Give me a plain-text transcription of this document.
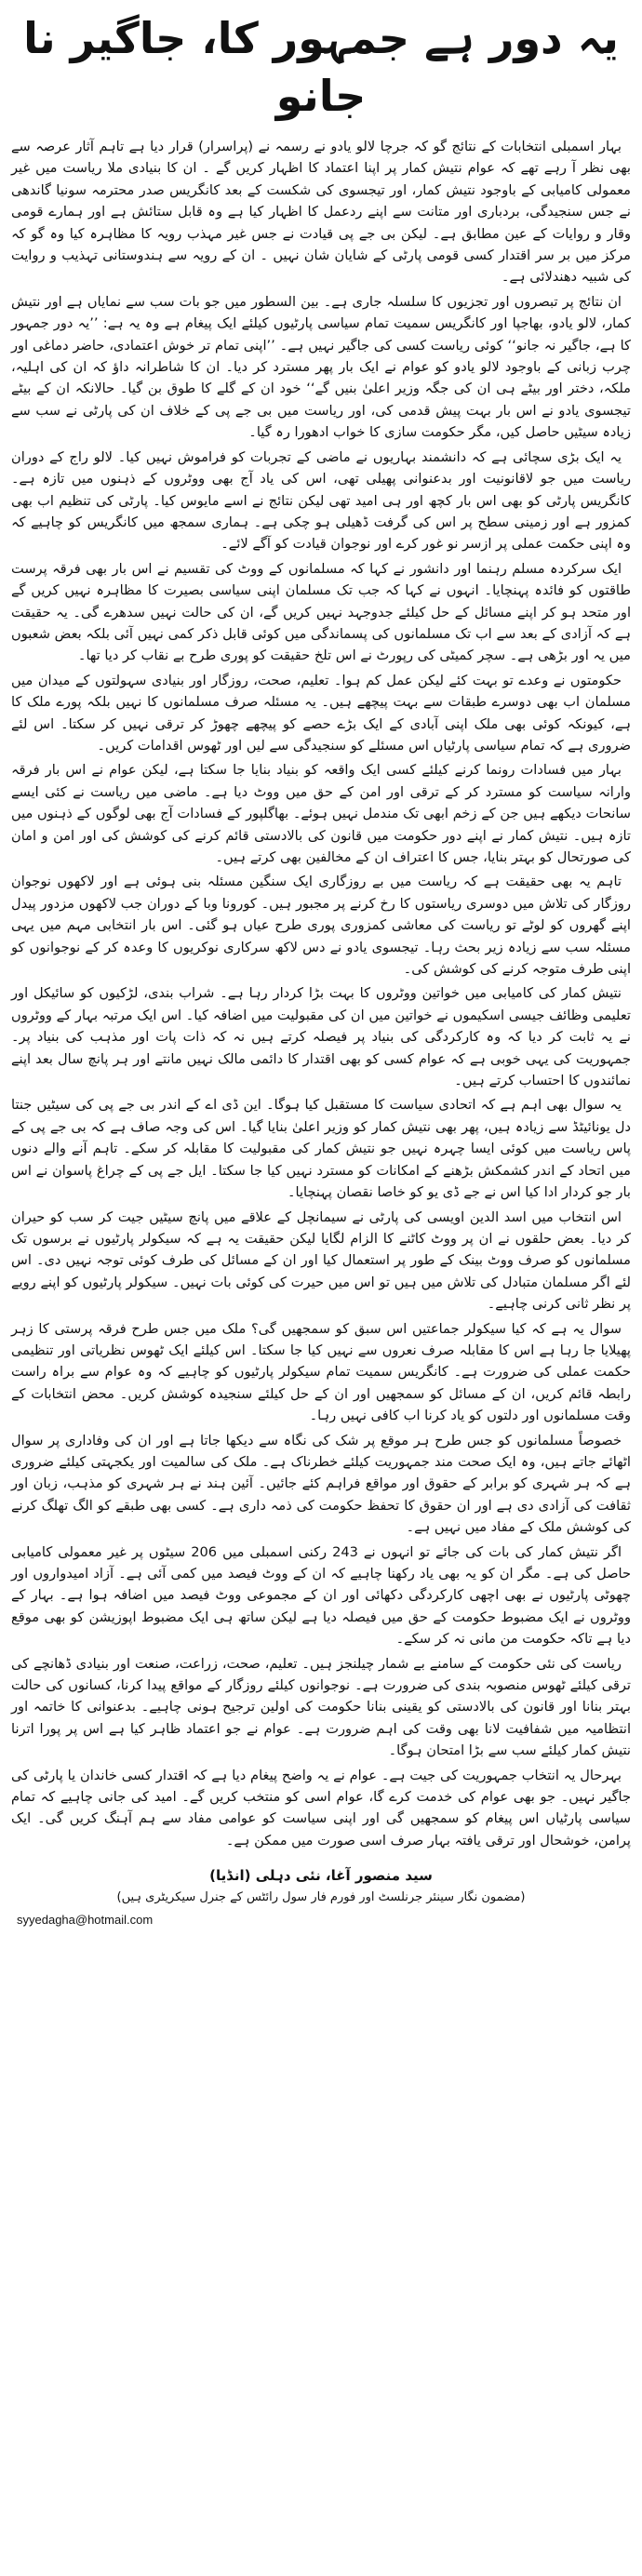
یہ دور ہے جمہور کا، جاگیر نا جانو

بہار اسمبلی انتخابات کے نتائج گو کہ جرچا لالو یادو نے رسمہ نے (پراسرار) قرار دیا ہے تاہم آثار عرصہ سے بھی نظر آ رہے تھے کہ عوام نتیش کمار پر اپنا اعتماد کا اظہار کریں گے ۔ ان کا بنیادی ملا ریاست میں غیر معمولی کامیابی کے باوجود نتیش کمار، اور تیجسوی کی شکست کے بعد کانگریس صدر محترمہ سونیا گاندھی نے جس سنجیدگی، بردباری اور متانت سے اپنے ردعمل کا اظہار کیا ہے وہ قابل ستائش ہے اور ہمارے قومی وقار و روایات کے عین مطابق ہے۔ لیکن بی جے پی قیادت نے جس غیر مہذب رویہ کا مظاہرہ کیا وہ گو کہ مرکز میں بر سر اقتدار کسی قومی پارٹی کے شایان شان نہیں ۔ ان کے رویہ سے ہندوستانی تہذیب و روایت کی شبیہ دھندلائی ہے۔

ان نتائج پر تبصروں اور تجزیوں کا سلسلہ جاری ہے۔ بین السطور میں جو بات سب سے نمایاں ہے اور نتیش کمار، لالو یادو، بھاجپا اور کانگریس سمیت تمام سیاسی پارٹیوں کیلئے ایک پیغام ہے وہ یہ ہے: ’’یہ دور جمہور کا ہے، جاگیر نہ جانو‘‘ کوئی ریاست کسی کی جاگیر نہیں ہے۔ ’’اپنی تمام تر خوش اعتمادی، حاضر دماغی اور چرب زبانی کے باوجود لالو یادو کو عوام نے ایک بار پھر مسترد کر دیا۔ ان کا شاطرانہ داؤ کہ ان کی اہلیہ، ملکہ، دختر اور بیٹے ہی ان کی جگہ وزیر اعلیٰ بنیں گے‘‘ خود ان کے گلے کا طوق بن گیا۔ حالانکہ ان کے بیٹے تیجسوی یادو نے اس بار بہت پیش قدمی کی، اور ریاست میں بی جے پی کے خلاف ان کی پارٹی نے سب سے زیادہ سیٹیں حاصل کیں، مگر حکومت سازی کا خواب ادھورا رہ گیا۔

یہ ایک بڑی سچائی ہے کہ دانشمند بہاریوں نے ماضی کے تجربات کو فراموش نہیں کیا۔ لالو راج کے دوران ریاست میں جو لاقانونیت اور بدعنوانی پھیلی تھی، اس کی یاد آج بھی ووٹروں کے ذہنوں میں تازہ ہے۔ کانگریس پارٹی کو بھی اس بار کچھ اور ہی امید تھی لیکن نتائج نے اسے مایوس کیا۔ پارٹی کی تنظیم اب بھی کمزور ہے اور زمینی سطح پر اس کی گرفت ڈھیلی ہو چکی ہے۔ ہماری سمجھ میں کانگریس کو چاہیے کہ وہ اپنی حکمت عملی پر ازسر نو غور کرے اور نوجوان قیادت کو آگے لائے۔

ایک سرکردہ مسلم رہنما اور دانشور نے کہا کہ مسلمانوں کے ووٹ کی تقسیم نے اس بار بھی فرقہ پرست طاقتوں کو فائدہ پہنچایا۔ انہوں نے کہا کہ جب تک مسلمان اپنی سیاسی بصیرت کا مظاہرہ نہیں کریں گے اور متحد ہو کر اپنے مسائل کے حل کیلئے جدوجہد نہیں کریں گے، ان کی حالت نہیں سدھرے گی۔ یہ حقیقت ہے کہ آزادی کے بعد سے اب تک مسلمانوں کی پسماندگی میں کوئی قابل ذکر کمی نہیں آئی بلکہ بعض شعبوں میں یہ اور بڑھی ہے۔ سچر کمیٹی کی رپورٹ نے اس تلخ حقیقت کو پوری طرح بے نقاب کر دیا تھا۔

حکومتوں نے وعدے تو بہت کئے لیکن عمل کم ہوا۔ تعلیم، صحت، روزگار اور بنیادی سہولتوں کے میدان میں مسلمان اب بھی دوسرے طبقات سے بہت پیچھے ہیں۔ یہ مسئلہ صرف مسلمانوں کا نہیں بلکہ پورے ملک کا ہے، کیونکہ کوئی بھی ملک اپنی آبادی کے ایک بڑے حصے کو پیچھے چھوڑ کر ترقی نہیں کر سکتا۔ اس لئے ضروری ہے کہ تمام سیاسی پارٹیاں اس مسئلے کو سنجیدگی سے لیں اور ٹھوس اقدامات کریں۔

بہار میں فسادات رونما کرنے کیلئے کسی ایک واقعہ کو بنیاد بنایا جا سکتا ہے، لیکن عوام نے اس بار فرقہ وارانہ سیاست کو مسترد کر کے ترقی اور امن کے حق میں ووٹ دیا ہے۔ ماضی میں ریاست نے کئی ایسے سانحات دیکھے ہیں جن کے زخم ابھی تک مندمل نہیں ہوئے۔ بھاگلپور کے فسادات آج بھی لوگوں کے ذہنوں میں تازہ ہیں۔ نتیش کمار نے اپنے دور حکومت میں قانون کی بالادستی قائم کرنے کی کوشش کی اور امن و امان کی صورتحال کو بہتر بنایا، جس کا اعتراف ان کے مخالفین بھی کرتے ہیں۔

تاہم یہ بھی حقیقت ہے کہ ریاست میں بے روزگاری ایک سنگین مسئلہ بنی ہوئی ہے اور لاکھوں نوجوان روزگار کی تلاش میں دوسری ریاستوں کا رخ کرنے پر مجبور ہیں۔ کورونا وبا کے دوران جب لاکھوں مزدور پیدل اپنے گھروں کو لوٹے تو ریاست کی معاشی کمزوری پوری طرح عیاں ہو گئی۔ اس بار انتخابی مہم میں یہی مسئلہ سب سے زیادہ زیر بحث رہا۔ تیجسوی یادو نے دس لاکھ سرکاری نوکریوں کا وعدہ کر کے نوجوانوں کو اپنی طرف متوجہ کرنے کی کوشش کی۔

نتیش کمار کی کامیابی میں خواتین ووٹروں کا بہت بڑا کردار رہا ہے۔ شراب بندی، لڑکیوں کو سائیکل اور تعلیمی وظائف جیسی اسکیموں نے خواتین میں ان کی مقبولیت میں اضافہ کیا۔ اس ایک مرتبہ بہار کے ووٹروں نے یہ ثابت کر دیا کہ وہ کارکردگی کی بنیاد پر فیصلہ کرتے ہیں نہ کہ ذات پات اور مذہب کی بنیاد پر۔ جمہوریت کی یہی خوبی ہے کہ عوام کسی کو بھی اقتدار کا دائمی مالک نہیں مانتے اور ہر پانچ سال بعد اپنے نمائندوں کا احتساب کرتے ہیں۔

یہ سوال بھی اہم ہے کہ اتحادی سیاست کا مستقبل کیا ہوگا۔ این ڈی اے کے اندر بی جے پی کی سیٹیں جنتا دل یونائیٹڈ سے زیادہ ہیں، پھر بھی نتیش کمار کو وزیر اعلیٰ بنایا گیا۔ اس کی وجہ صاف ہے کہ بی جے پی کے پاس ریاست میں کوئی ایسا چہرہ نہیں جو نتیش کمار کی مقبولیت کا مقابلہ کر سکے۔ تاہم آنے والے دنوں میں اتحاد کے اندر کشمکش بڑھنے کے امکانات کو مسترد نہیں کیا جا سکتا۔ ایل جے پی کے چراغ پاسوان نے اس بار جو کردار ادا کیا اس نے جے ڈی یو کو خاصا نقصان پہنچایا۔

اس انتخاب میں اسد الدین اویسی کی پارٹی نے سیمانچل کے علاقے میں پانچ سیٹیں جیت کر سب کو حیران کر دیا۔ بعض حلقوں نے ان پر ووٹ کاٹنے کا الزام لگایا لیکن حقیقت یہ ہے کہ سیکولر پارٹیوں نے برسوں تک مسلمانوں کو صرف ووٹ بینک کے طور پر استعمال کیا اور ان کے مسائل کی طرف کوئی توجہ نہیں دی۔ اس لئے اگر مسلمان متبادل کی تلاش میں ہیں تو اس میں حیرت کی کوئی بات نہیں۔ سیکولر پارٹیوں کو اپنے رویے پر نظر ثانی کرنی چاہیے۔

سوال یہ ہے کہ کیا سیکولر جماعتیں اس سبق کو سمجھیں گی؟ ملک میں جس طرح فرقہ پرستی کا زہر پھیلایا جا رہا ہے اس کا مقابلہ صرف نعروں سے نہیں کیا جا سکتا۔ اس کیلئے ایک ٹھوس نظریاتی اور تنظیمی حکمت عملی کی ضرورت ہے۔ کانگریس سمیت تمام سیکولر پارٹیوں کو چاہیے کہ وہ عوام سے براہ راست رابطہ قائم کریں، ان کے مسائل کو سمجھیں اور ان کے حل کیلئے سنجیدہ کوشش کریں۔ محض انتخابات کے وقت مسلمانوں اور دلتوں کو یاد کرنا اب کافی نہیں رہا۔

خصوصاً مسلمانوں کو جس طرح ہر موقع پر شک کی نگاہ سے دیکھا جاتا ہے اور ان کی وفاداری پر سوال اٹھائے جاتے ہیں، وہ ایک صحت مند جمہوریت کیلئے خطرناک ہے۔ ملک کی سالمیت اور یکجہتی کیلئے ضروری ہے کہ ہر شہری کو برابر کے حقوق اور مواقع فراہم کئے جائیں۔ آئین ہند نے ہر شہری کو مذہب، زبان اور ثقافت کی آزادی دی ہے اور ان حقوق کا تحفظ حکومت کی ذمہ داری ہے۔ کسی بھی طبقے کو الگ تھلگ کرنے کی کوشش ملک کے مفاد میں نہیں ہے۔

اگر نتیش کمار کی بات کی جائے تو انہوں نے 243 رکنی اسمبلی میں 206 سیٹوں پر غیر معمولی کامیابی حاصل کی ہے۔ مگر ان کو یہ بھی یاد رکھنا چاہیے کہ ان کے ووٹ فیصد میں کمی آئی ہے۔ آزاد امیدواروں اور چھوٹی پارٹیوں نے بھی اچھی کارکردگی دکھائی اور ان کے مجموعی ووٹ فیصد میں اضافہ ہوا ہے۔ بہار کے ووٹروں نے ایک مضبوط حکومت کے حق میں فیصلہ دیا ہے لیکن ساتھ ہی ایک مضبوط اپوزیشن کو بھی موقع دیا ہے تاکہ حکومت من مانی نہ کر سکے۔

ریاست کی نئی حکومت کے سامنے بے شمار چیلنجز ہیں۔ تعلیم، صحت، زراعت، صنعت اور بنیادی ڈھانچے کی ترقی کیلئے ٹھوس منصوبہ بندی کی ضرورت ہے۔ نوجوانوں کیلئے روزگار کے مواقع پیدا کرنا، کسانوں کی حالت بہتر بنانا اور قانون کی بالادستی کو یقینی بنانا حکومت کی اولین ترجیح ہونی چاہیے۔ بدعنوانی کا خاتمہ اور انتظامیہ میں شفافیت لانا بھی وقت کی اہم ضرورت ہے۔ عوام نے جو اعتماد ظاہر کیا ہے اس پر پورا اترنا نتیش کمار کیلئے سب سے بڑا امتحان ہوگا۔

بہرحال یہ انتخاب جمہوریت کی جیت ہے۔ عوام نے یہ واضح پیغام دیا ہے کہ اقتدار کسی خاندان یا پارٹی کی جاگیر نہیں۔ جو بھی عوام کی خدمت کرے گا، عوام اسی کو منتخب کریں گے۔ امید کی جانی چاہیے کہ تمام سیاسی پارٹیاں اس پیغام کو سمجھیں گی اور اپنی سیاست کو عوامی مفاد سے ہم آہنگ کریں گی۔ ایک پرامن، خوشحال اور ترقی یافتہ بہار صرف اسی صورت میں ممکن ہے۔

سید منصور آغا، نئی دہلی (انڈیا)
(مضمون نگار سینئر جرنلسٹ اور فورم فار سول رائٹس کے جنرل سیکریٹری ہیں)
syyedagha@hotmail.com
